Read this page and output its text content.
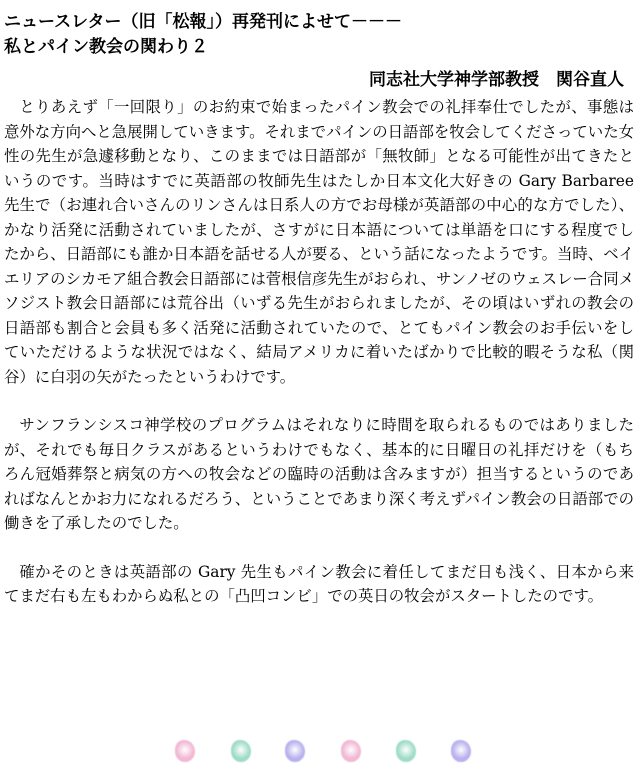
ニュースレター（旧「松報」）再発刊によせて－－－

私とパイン教会の関わり２

同志社大学神学部教授　関谷直人

とりあえず「一回限り」のお約束で始まったパイン教会での礼拝奉仕でしたが、事態は意外な方向へと急展開していきます。それまでパインの日語部を牧会してくださっていた女性の先生が急遽移動となり、このままでは日語部が「無牧師」となる可能性が出てきたというのです。当時はすでに英語部の牧師先生はたしか日本文化大好きの Gary Barbaree 先生で（お連れ合いさんのリンさんは日系人の方でお母様が英語部の中心的な方でした）、かなり活発に活動されていましたが、さすがに日本語については単語を口にする程度でしたから、日語部にも誰か日本語を話せる人が要る、という話になったようです。当時、ベイエリアのシカモア組合教会日語部には菅根信彦先生がおられ、サンノゼのウェスレー合同メソジスト教会日語部には荒谷出（いずる先生がおられましたが、その頃はいずれの教会の日語部も割合と会員も多く活発に活動されていたので、とてもパイン教会のお手伝いをしていただけるような状況ではなく、結局アメリカに着いたばかりで比較的暇そうな私（関谷）に白羽の矢がたったというわけです。

サンフランシスコ神学校のプログラムはそれなりに時間を取られるものではありましたが、それでも毎日クラスがあるというわけでもなく、基本的に日曜日の礼拝だけを（もちろん冠婚葬祭と病気の方への牧会などの臨時の活動は含みますが）担当するというのであればなんとかお力になれるだろう、ということであまり深く考えずパイン教会の日語部での働きを了承したのでした。

確かそのときは英語部の Gary 先生もパイン教会に着任してまだ日も浅く、日本から来てまだ右も左もわからぬ私との「凸凹コンビ」での英日の牧会がスタートしたのです。
